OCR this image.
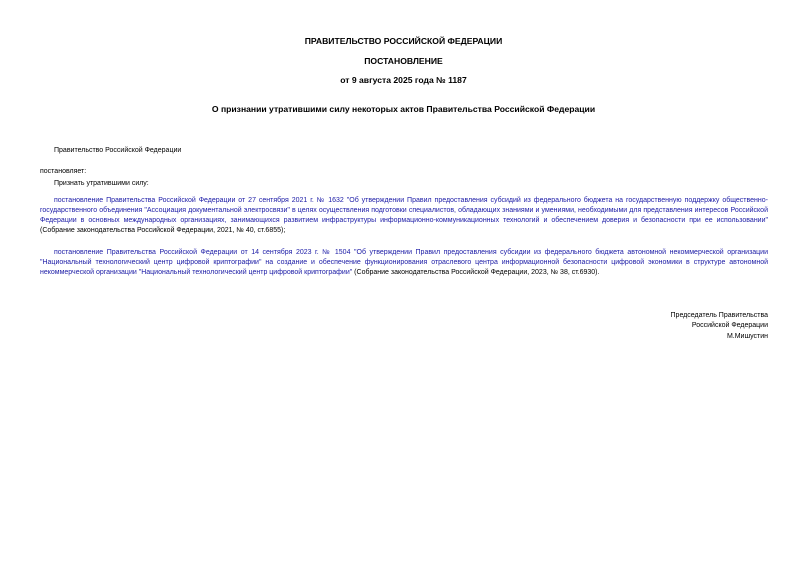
ПРАВИТЕЛЬСТВО РОССИЙСКОЙ ФЕДЕРАЦИИ
ПОСТАНОВЛЕНИЕ
от 9 августа 2025 года № 1187
О признании утратившими силу некоторых актов Правительства Российской Федерации
Правительство Российской Федерации
постановляет:
Признать утратившими силу:
постановление Правительства Российской Федерации от 27 сентября 2021 г. № 1632 "Об утверждении Правил предоставления субсидий из федерального бюджета на государственную поддержку общественно-государственного объединения "Ассоциация документальной электросвязи" в целях осуществления подготовки специалистов, обладающих знаниями и умениями, необходимыми для представления интересов Российской Федерации в основных международных организациях, занимающихся развитием инфраструктуры информационно-коммуникационных технологий и обеспечением доверия и безопасности при ее использовании" (Собрание законодательства Российской Федерации, 2021, № 40, ст.6855);
постановление Правительства Российской Федерации от 14 сентября 2023 г. № 1504 "Об утверждении Правил предоставления субсидии из федерального бюджета автономной некоммерческой организации "Национальный технологический центр цифровой криптографии" на создание и обеспечение функционирования отраслевого центра информационной безопасности цифровой экономики в структуре автономной некоммерческой организации "Национальный технологический центр цифровой криптографии" (Собрание законодательства Российской Федерации, 2023, № 38, ст.6930).
Председатель Правительства
Российской Федерации
М.Мишустин
